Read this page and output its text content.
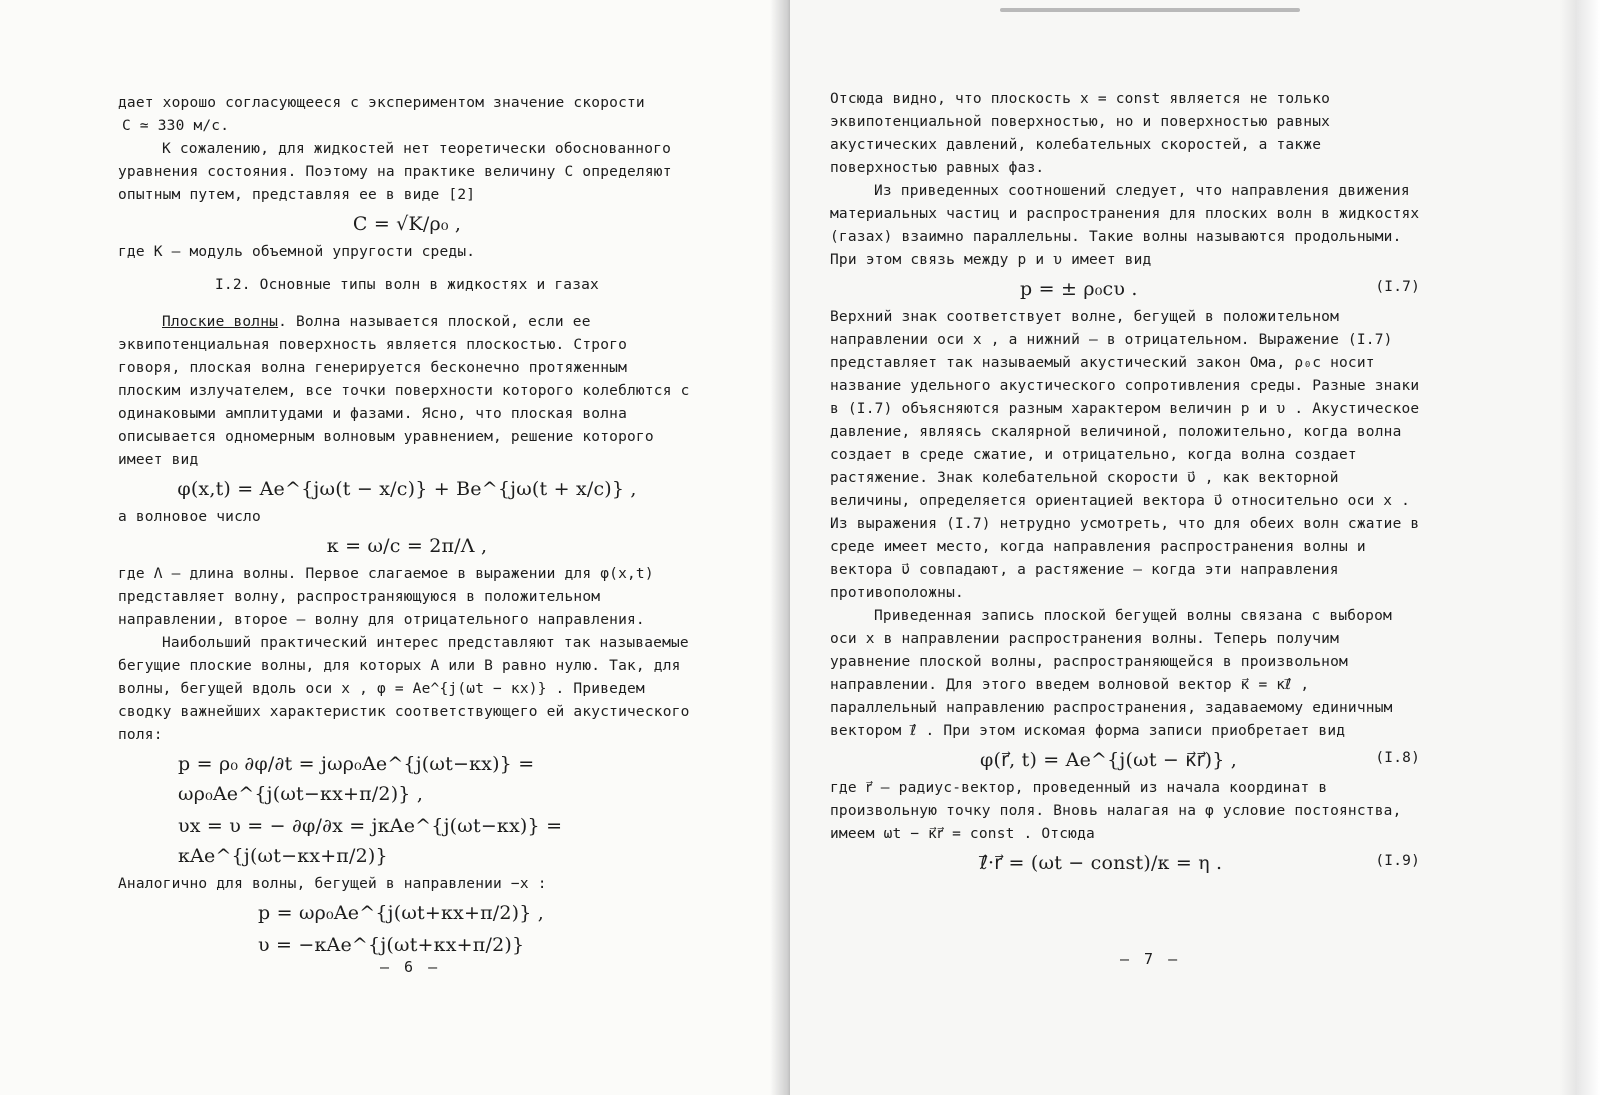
дает хорошо согласующееся с экспериментом значение скорости

C ≃ 330 м/с.

К сожалению, для жидкостей нет теоретически обоснованного уравнения состояния. Поэтому на практике величину C определяют опытным путем, представляя ее в виде [2]

C = √K/ρ₀ ,

где K – модуль объемной упругости среды.

I.2. Основные типы волн в жидкостях и газах

Плоские волны. Волна называется плоской, если ее эквипотенциальная поверхность является плоскостью. Строго говоря, плоская волна генерируется бесконечно протяженным плоским излучателем, все точки поверхности которого колеблются с одинаковыми амплитудами и фазами. Ясно, что плоская волна описывается одномерным волновым уравнением, решение которого имеет вид

φ(x,t) = Ae^{jω(t − x/c)} + Be^{jω(t + x/c)} ,

а волновое число

κ = ω/c = 2π/Λ ,

где Λ – длина волны. Первое слагаемое в выражении для φ(x,t) представляет волну, распространяющуюся в положительном направлении, второе – волну для отрицательного направления.

Наибольший практический интерес представляют так называемые бегущие плоские волны, для которых A или B равно нулю. Так, для волны, бегущей вдоль оси x , φ = Ae^{j(ωt − κx)} . Приведем сводку важнейших характеристик соответствующего ей акустического поля:

p = ρ₀ ∂φ/∂t = jωρ₀Ae^{j(ωt−κx)} = ωρ₀Ae^{j(ωt−κx+π/2)} ,

υx = υ = − ∂φ/∂x = jκAe^{j(ωt−κx)} = κAe^{j(ωt−κx+π/2)}

Аналогично для волны, бегущей в направлении −x :

p = ωρ₀Ae^{j(ωt+κx+π/2)} ,

υ = −κAe^{j(ωt+κx+π/2)}

– 6 –

Отсюда видно, что плоскость x = const является не только эквипотенциальной поверхностью, но и поверхностью равных акустических давлений, колебательных скоростей, а также поверхностью равных фаз.

Из приведенных соотношений следует, что направления движения материальных частиц и распространения для плоских волн в жидкостях (газах) взаимно параллельны. Такие волны называются продольными. При этом связь между p и υ имеет вид

p = ± ρ₀cυ .	(I.7)

Верхний знак соответствует волне, бегущей в положительном направлении оси x , а нижний – в отрицательном. Выражение (I.7) представляет так называемый акустический закон Ома, ρ₀c носит название удельного акустического сопротивления среды. Разные знаки в (I.7) объясняются разным характером величин p и υ . Акустическое давление, являясь скалярной величиной, положительно, когда волна создает в среде сжатие, и отрицательно, когда волна создает растяжение. Знак колебательной скорости υ⃗ , как векторной величины, определяется ориентацией вектора υ⃗ относительно оси x . Из выражения (I.7) нетрудно усмотреть, что для обеих волн сжатие в среде имеет место, когда направления распространения волны и вектора υ⃗ совпадают, а растяжение – когда эти направления противоположны.

Приведенная запись плоской бегущей волны связана с выбором оси x в направлении распространения волны. Теперь получим уравнение плоской волны, распространяющейся в произвольном направлении. Для этого введем волновой вектор κ⃗ = κℓ⃗ , параллельный направлению распространения, задаваемому единичным вектором ℓ⃗ . При этом искомая форма записи приобретает вид

φ(r⃗, t) = Ae^{j(ωt − κ⃗r⃗)} ,	(I.8)

где r⃗ – радиус-вектор, проведенный из начала координат в произвольную точку поля. Вновь налагая на φ условие постоянства, имеем ωt − κ⃗r⃗ = const . Отсюда

ℓ⃗·r⃗ = (ωt − const)/κ = η .	(I.9)
– 7 –
